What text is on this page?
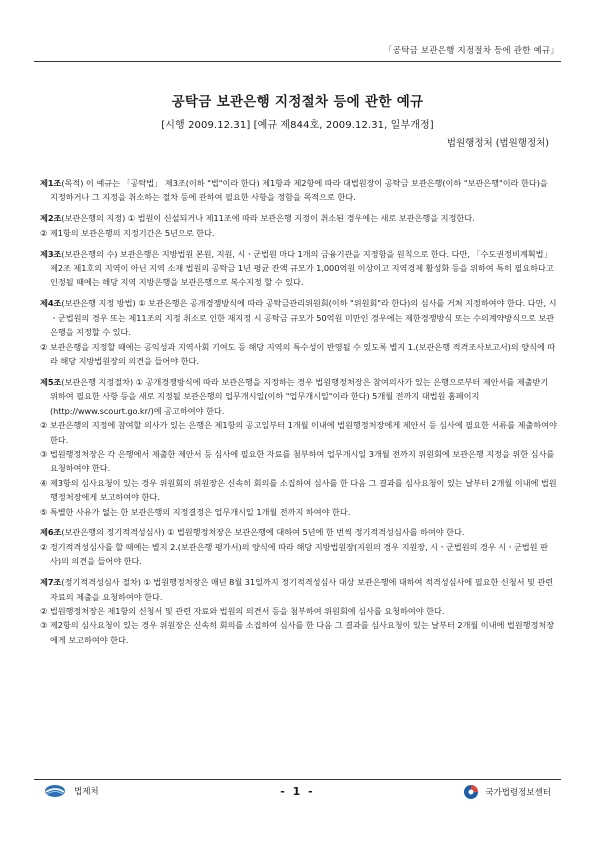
「공탁금 보관은행 지정절차 등에 관한 예규」
공탁금 보관은행 지정절차 등에 관한 예규
[시행 2009.12.31] [예규 제844호, 2009.12.31, 일부개정]
법원행정처 (법원행정처)

제1조(목적) 이 예규는 「공탁법」 제3조(이하 "법"이라 한다) 제1항과 제2항에 따라 대법원장이 공탁금 보관은행(이하 "보관은행"이라 한다)을 지정하거나 그 지정을 취소하는 절차 등에 관하여 필요한 사항을 정함을 목적으로 한다.

제2조(보관은행의 지정) ① 법원이 신설되거나 제11조에 따라 보관은행 지정이 취소된 경우에는 새로 보관은행을 지정한다.

② 제1항의 보관은행의 지정기간은 5년으로 한다.

제3조(보관은행의 수) 보관은행은 지방법원 본원, 지원, 시ㆍ군법원 마다 1개의 금융기관을 지정함을 원칙으로 한다. 다만, 「수도권정비계획법」 제2조 제1호의 지역이 아닌 지역 소재 법원의 공탁금 1년 평균 잔액 규모가 1,000억원 이상이고 지역경제 활성화 등을 위하여 특히 필요하다고 인정될 때에는 해당 지역 지방은행을 보관은행으로 복수지정 할 수 있다.

제4조(보관은행 지정 방법) ① 보관은행은 공개경쟁방식에 따라 공탁금관리위원회(이하 "위원회"라 한다)의 심사를 거쳐 지정하여야 한다. 다만, 시ㆍ군법원의 경우 또는 제11조의 지정 취소로 인한 재지정 시 공탁금 규모가 50억원 미만인 경우에는 제한경쟁방식 또는 수의계약방식으로 보관은행을 지정할 수 있다.

② 보관은행을 지정할 때에는 공익성과 지역사회 기여도 등 해당 지역의 특수성이 반영될 수 있도록 별지 1.(보관은행 적격조사보고서)의 양식에 따라 해당 지방법원장의 의견을 들어야 한다.

제5조(보관은행 지정절차) ① 공개경쟁방식에 따라 보관은행을 지정하는 경우 법원행정처장은 참여의사가 있는 은행으로부터 제안서를 제출받기 위하여 필요한 사항 등을 새로 지정될 보관은행의 업무개시일(이하 "업무개시일"이라 한다) 5개월 전까지 대법원 홈페이지(http://www.scourt.go.kr/)에 공고하여야 한다.

② 보관은행의 지정에 참여할 의사가 있는 은행은 제1항의 공고일부터 1개월 이내에 법원행정처장에게 제안서 등 심사에 필요한 서류를 제출하여야 한다.

③ 법원행정처장은 각 은행에서 제출한 제안서 등 심사에 필요한 자료를 첨부하여 업무개시일 3개월 전까지 위원회에 보관은행 지정을 위한 심사를 요청하여야 한다.

④ 제3항의 심사요청이 있는 경우 위원회의 위원장은 신속히 회의를 소집하여 심사를 한 다음 그 결과를 심사요청이 있는 날부터 2개월 이내에 법원행정처장에게 보고하여야 한다.

⑤ 특별한 사유가 없는 한 보관은행의 지정결정은 업무개시일 1개월 전까지 하여야 한다.

제6조(보관은행의 정기적격성심사) ① 법원행정처장은 보관은행에 대하여 5년에 한 번씩 정기적격성심사를 하여야 한다.

② 정기적격성심사를 할 때에는 별지 2.(보관은행 평가서)의 양식에 따라 해당 지방법원장(지원의 경우 지원장, 시ㆍ군법원의 경우 시ㆍ군법원 판사)의 의견을 들어야 한다.

제7조(정기적격성심사 절차) ① 법원행정처장은 매년 8월 31일까지 정기적격성심사 대상 보관은행에 대하여 적격성심사에 필요한 신청서 및 관련 자료의 제출을 요청하여야 한다.

② 법원행정처장은 제1항의 신청서 및 관련 자료와 법원의 의견서 등을 첨부하여 위원회에 심사를 요청하여야 한다.

③ 제2항의 심사요청이 있는 경우 위원장은 신속히 회의를 소집하여 심사를 한 다음 그 결과를 심사요청이 있는 날부터 2개월 이내에 법원행정처장에게 보고하여야 한다.

법제처	- 1 -	국가법령정보센터
